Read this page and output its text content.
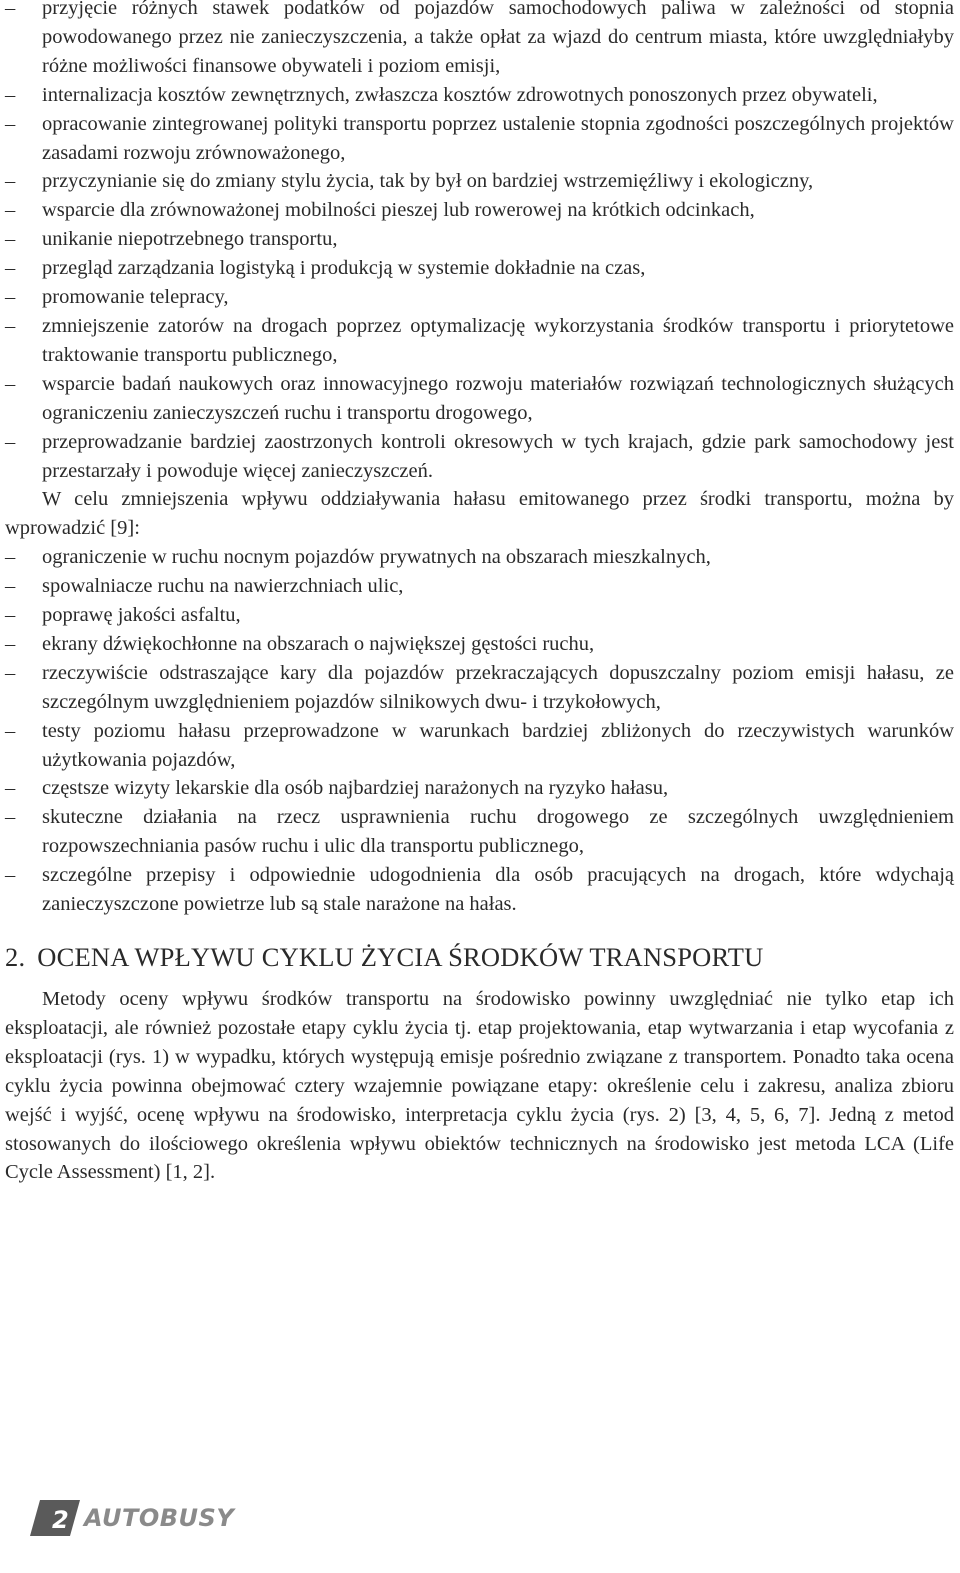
–	przyjęcie różnych stawek podatków od pojazdów samochodowych paliwa w zależności od stopnia powodowanego przez nie zanieczyszczenia, a także opłat za wjazd do centrum miasta, które uwzględniałyby różne możliwości finansowe obywateli i poziom emisji,
–	internalizacja kosztów zewnętrznych, zwłaszcza kosztów zdrowotnych ponoszonych przez obywateli,
–	opracowanie zintegrowanej polityki transportu poprzez ustalenie stopnia zgodności poszczególnych projektów zasadami rozwoju zrównoważonego,
–	przyczynianie się do zmiany stylu życia, tak by był on bardziej wstrzemięźliwy i ekologiczny,
–	wsparcie dla zrównoważonej mobilności pieszej lub rowerowej na krótkich odcinkach,
–	unikanie niepotrzebnego transportu,
–	przegląd zarządzania logistyką i produkcją w systemie dokładnie na czas,
–	promowanie telepracy,
–	zmniejszenie zatorów na drogach poprzez optymalizację wykorzystania środków transportu i priorytetowe traktowanie transportu publicznego,
–	wsparcie badań naukowych oraz innowacyjnego rozwoju materiałów rozwiązań technologicznych służących ograniczeniu zanieczyszczeń ruchu i transportu drogowego,
–	przeprowadzanie bardziej zaostrzonych kontroli okresowych w tych krajach, gdzie park samochodowy jest przestarzały i powoduje więcej zanieczyszczeń.

W celu zmniejszenia wpływu oddziaływania hałasu emitowanego przez środki transportu, można by wprowadzić [9]:

–	ograniczenie w ruchu nocnym pojazdów prywatnych na obszarach mieszkalnych,
–	spowalniacze ruchu na nawierzchniach ulic,
–	poprawę jakości asfaltu,
–	ekrany dźwiękochłonne na obszarach o największej gęstości ruchu,
–	rzeczywiście odstraszające kary dla pojazdów przekraczających dopuszczalny poziom emisji hałasu, ze szczególnym uwzględnieniem pojazdów silnikowych dwu- i trzykołowych,
–	testy poziomu hałasu przeprowadzone w warunkach bardziej zbliżonych do rzeczywistych warunków użytkowania pojazdów,
–	częstsze wizyty lekarskie dla osób najbardziej narażonych na ryzyko hałasu,
–	skuteczne działania na rzecz usprawnienia ruchu drogowego ze szczególnych uwzględnieniem rozpowszechniania pasów ruchu i ulic dla transportu publicznego,
–	szczególne przepisy i odpowiednie udogodnienia dla osób pracujących na drogach, które wdychają zanieczyszczone powietrze lub są stale narażone na hałas.
2. OCENA WPŁYWU CYKLU ŻYCIA ŚRODKÓW TRANSPORTU

Metody oceny wpływu środków transportu na środowisko powinny uwzględniać nie tylko etap ich eksploatacji, ale również pozostałe etapy cyklu życia tj. etap projektowania, etap wytwarzania i etap wycofania z eksploatacji (rys. 1) w wypadku, których występują emisje pośrednio związane z transportem. Ponadto taka ocena cyklu życia powinna obejmować cztery wzajemnie powiązane etapy: określenie celu i zakresu, analiza zbioru wejść i wyjść, ocenę wpływu na środowisko, interpretacja cyklu życia (rys. 2) [3, 4, 5, 6, 7]. Jedną z metod stosowanych do ilościowego określenia wpływu obiektów technicznych na środowisko jest metoda LCA (Life Cycle Assessment) [1, 2].

2 AUTOBUSY
